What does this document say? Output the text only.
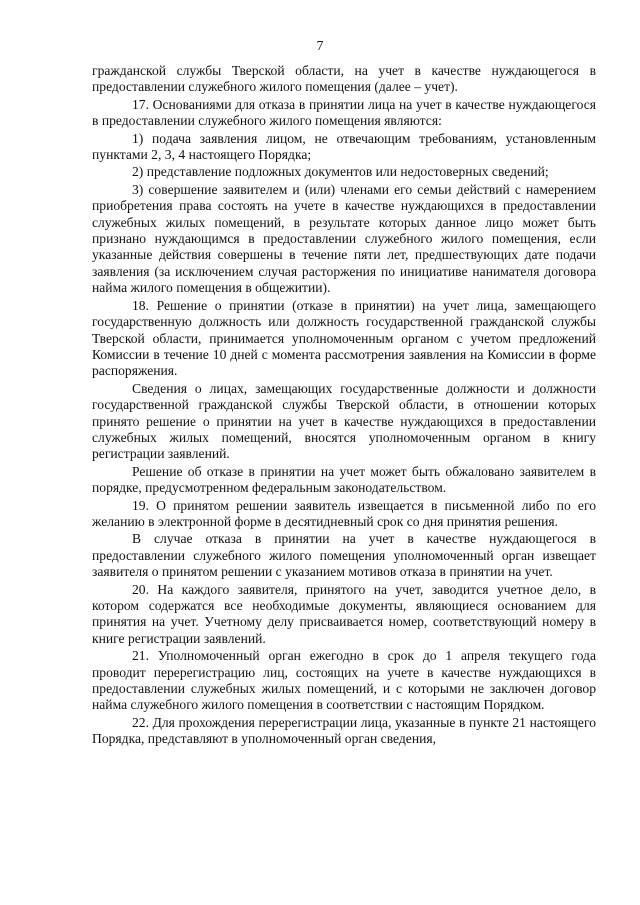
7

гражданской службы Тверской области, на учет в качестве нуждающегося в предоставлении служебного жилого помещения (далее – учет).

17. Основаниями для отказа в принятии лица на учет в качестве нуждающегося в предоставлении служебного жилого помещения являются:

1) подача заявления лицом, не отвечающим требованиям, установленным пунктами 2, 3, 4 настоящего Порядка;

2) представление подложных документов или недостоверных сведений;

3) совершение заявителем и (или) членами его семьи действий с намерением приобретения права состоять на учете в качестве нуждающихся в предоставлении служебных жилых помещений, в результате которых данное лицо может быть признано нуждающимся в предоставлении служебного жилого помещения, если указанные действия совершены в течение пяти лет, предшествующих дате подачи заявления (за исключением случая расторжения по инициативе нанимателя договора найма жилого помещения в общежитии).

18. Решение о принятии (отказе в принятии) на учет лица, замещающего государственную должность или должность государственной гражданской службы Тверской области, принимается уполномоченным органом с учетом предложений Комиссии в течение 10 дней с момента рассмотрения заявления на Комиссии в форме распоряжения.

Сведения о лицах, замещающих государственные должности и должности государственной гражданской службы Тверской области, в отношении которых принято решение о принятии на учет в качестве нуждающихся в предоставлении служебных жилых помещений, вносятся уполномоченным органом в книгу регистрации заявлений.

Решение об отказе в принятии на учет может быть обжаловано заявителем в порядке, предусмотренном федеральным законодательством.

19. О принятом решении заявитель извещается в письменной либо по его желанию в электронной форме в десятидневный срок со дня принятия решения.

В случае отказа в принятии на учет в качестве нуждающегося в предоставлении служебного жилого помещения уполномоченный орган извещает заявителя о принятом решении с указанием мотивов отказа в принятии на учет.

20. На каждого заявителя, принятого на учет, заводится учетное дело, в котором содержатся все необходимые документы, являющиеся основанием для принятия на учет. Учетному делу присваивается номер, соответствующий номеру в книге регистрации заявлений.

21. Уполномоченный орган ежегодно в срок до 1 апреля текущего года проводит перерегистрацию лиц, состоящих на учете в качестве нуждающихся в предоставлении служебных жилых помещений, и с которыми не заключен договор найма служебного жилого помещения в соответствии с настоящим Порядком.

22. Для прохождения перерегистрации лица, указанные в пункте 21 настоящего Порядка, представляют в уполномоченный орган сведения,
